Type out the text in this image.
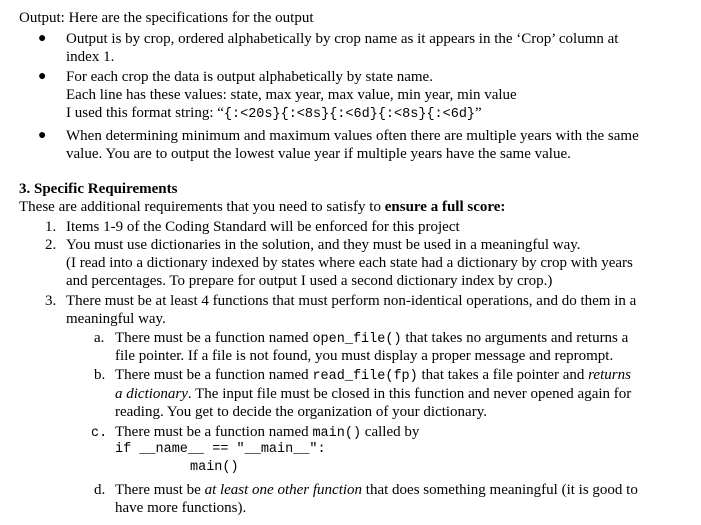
Output: Here are the specifications for the output
● Output is by crop, ordered alphabetically by crop name as it appears in the ‘Crop’ column at
index 1.
● For each crop the data is output alphabetically by state name.
Each line has these values: state, max year, max value, min year, min value
I used this format string: “{:<20s}{:<8s}{:<6d}{:<8s}{:<6d}”
● When determining minimum and maximum values often there are multiple years with the same
value. You are to output the lowest value year if multiple years have the same value.
3. Specific Requirements
These are additional requirements that you need to satisfy to ensure a full score:
1. Items 1-9 of the Coding Standard will be enforced for this project
2. You must use dictionaries in the solution, and they must be used in a meaningful way.
(I read into a dictionary indexed by states where each state had a dictionary by crop with years
and percentages. To prepare for output I used a second dictionary index by crop.)
3. There must be at least 4 functions that must perform non-identical operations, and do them in a
meaningful way.
a. There must be a function named open_file() that takes no arguments and returns a
file pointer. If a file is not found, you must display a proper message and reprompt.
b. There must be a function named read_file(fp) that takes a file pointer and returns
a dictionary. The input file must be closed in this function and never opened again for
reading. You get to decide the organization of your dictionary.
c. There must be a function named main() called by
if __name__ == "__main__":
main()
d. There must be at least one other function that does something meaningful (it is good to
have more functions).
